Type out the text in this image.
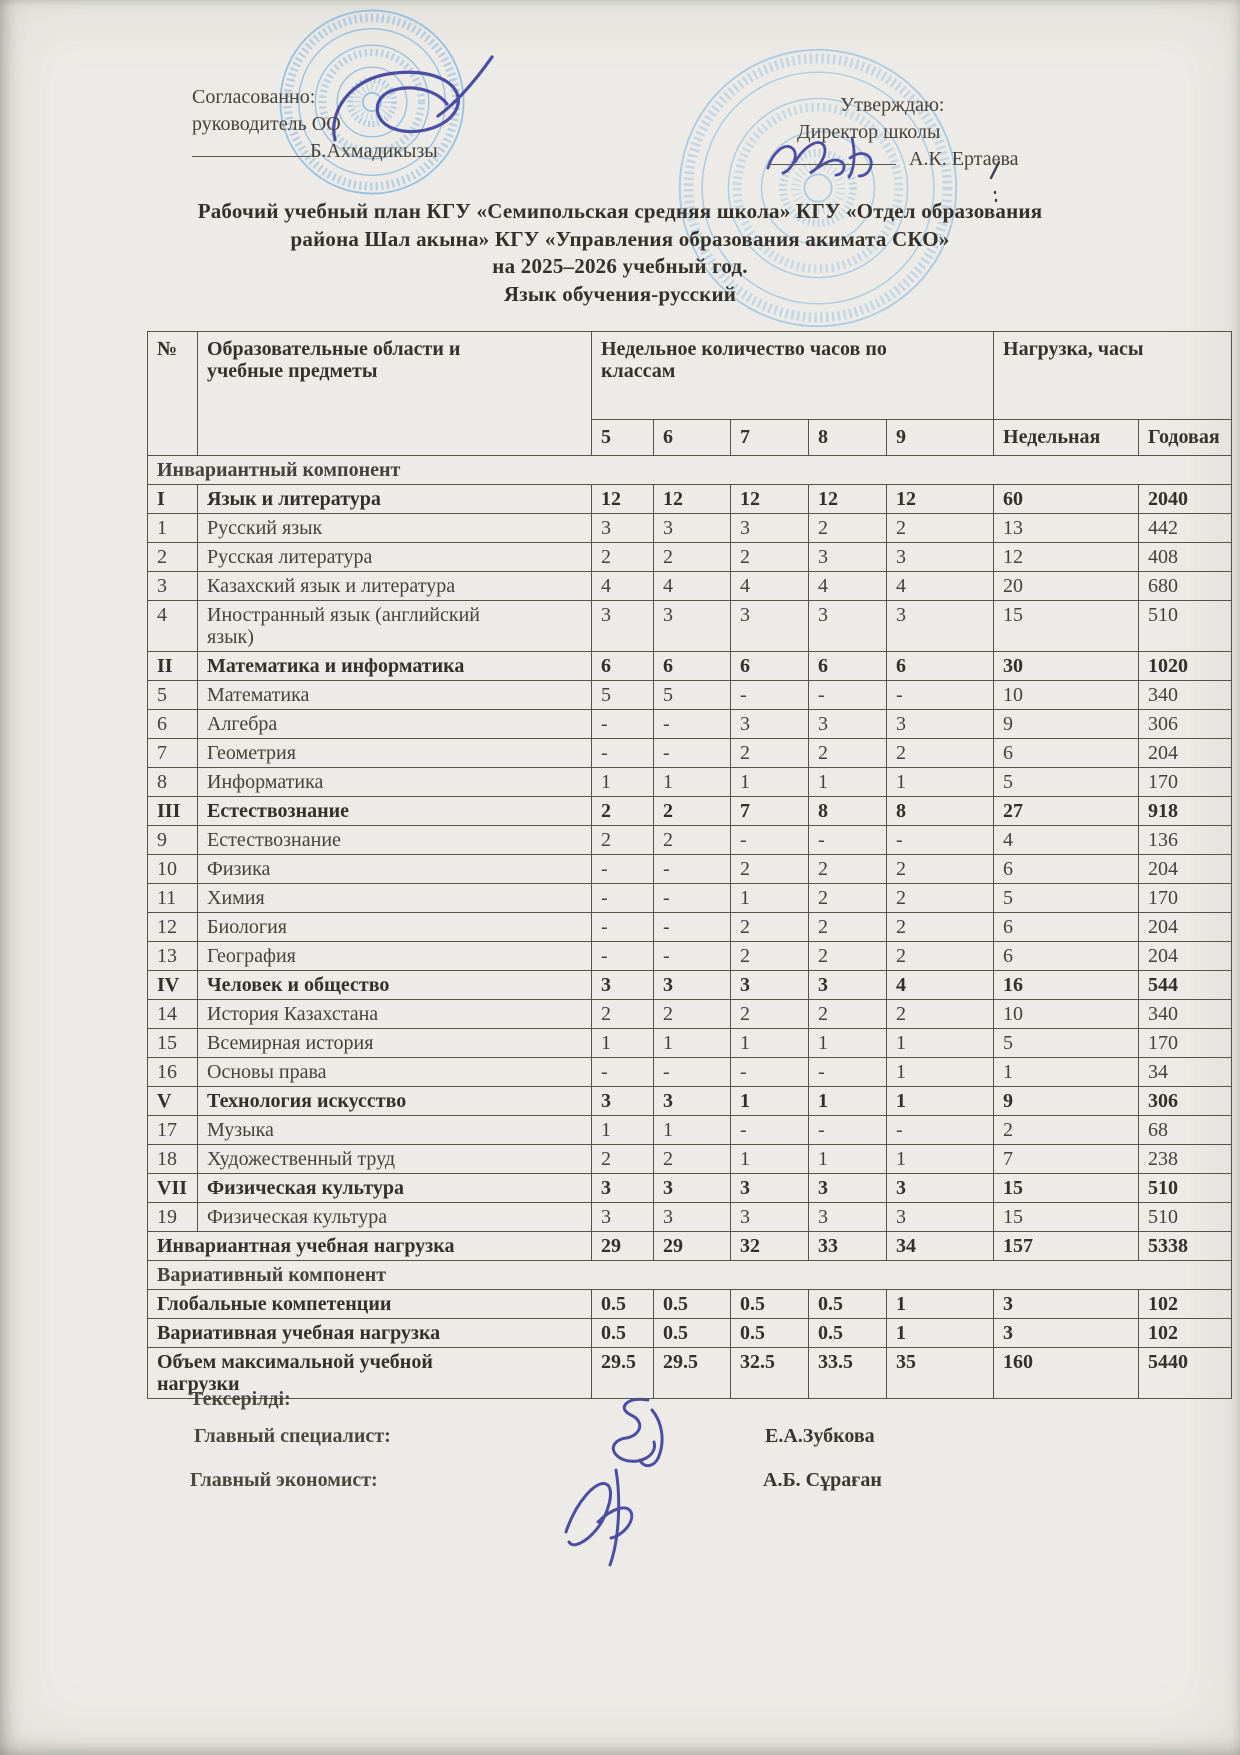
Согласованно:
руководитель ОО
Б.Ахмадикызы
Утверждаю:
Директор школы
А.К. Ертаева
Рабочий учебный план КГУ «Семипольская средняя школа» КГУ «Отдел образования
района Шал акына» КГУ «Управления образования акимата СКО»
на 2025–2026 учебный год.
Язык обучения-русский
№	Образовательные области и учебные предметы	Недельное количество часов по классам					Нагрузка, часы	
		5	6	7	8	9	Недельная	Годовая
Инвариантный компонент								
I	Язык и литература	12	12	12	12	12	60	2040
1	Русский язык	3	3	3	2	2	13	442
2	Русская литература	2	2	2	3	3	12	408
3	Казахский язык и литература	4	4	4	4	4	20	680
4	Иностранный язык (английский язык)	3	3	3	3	3	15	510
II	Математика и информатика	6	6	6	6	6	30	1020
5	Математика	5	5	-	-	-	10	340
6	Алгебра	-	-	3	3	3	9	306
7	Геометрия	-	-	2	2	2	6	204
8	Информатика	1	1	1	1	1	5	170
III	Естествознание	2	2	7	8	8	27	918
9	Естествознание	2	2	-	-	-	4	136
10	Физика	-	-	2	2	2	6	204
11	Химия	-	-	1	2	2	5	170
12	Биология	-	-	2	2	2	6	204
13	География	-	-	2	2	2	6	204
IV	Человек и общество	3	3	3	3	4	16	544
14	История Казахстана	2	2	2	2	2	10	340
15	Всемирная история	1	1	1	1	1	5	170
16	Основы права	-	-	-	-	1	1	34
V	Технология искусство	3	3	1	1	1	9	306
17	Музыка	1	1	-	-	-	2	68
18	Художественный труд	2	2	1	1	1	7	238
VII	Физическая культура	3	3	3	3	3	15	510
19	Физическая культура	3	3	3	3	3	15	510
Инвариантная учебная нагрузка		29	29	32	33	34	157	5338
Вариативный компонент								
Глобальные компетенции		0.5	0.5	0.5	0.5	1	3	102
Вариативная учебная нагрузка		0.5	0.5	0.5	0.5	1	3	102
Объем максимальной учебной нагрузки		29.5	29.5	32.5	33.5	35	160	5440
Тексерілді:
Главный специалист:	Е.А.Зубкова
Главный экономист:	А.Б. Сұраған
